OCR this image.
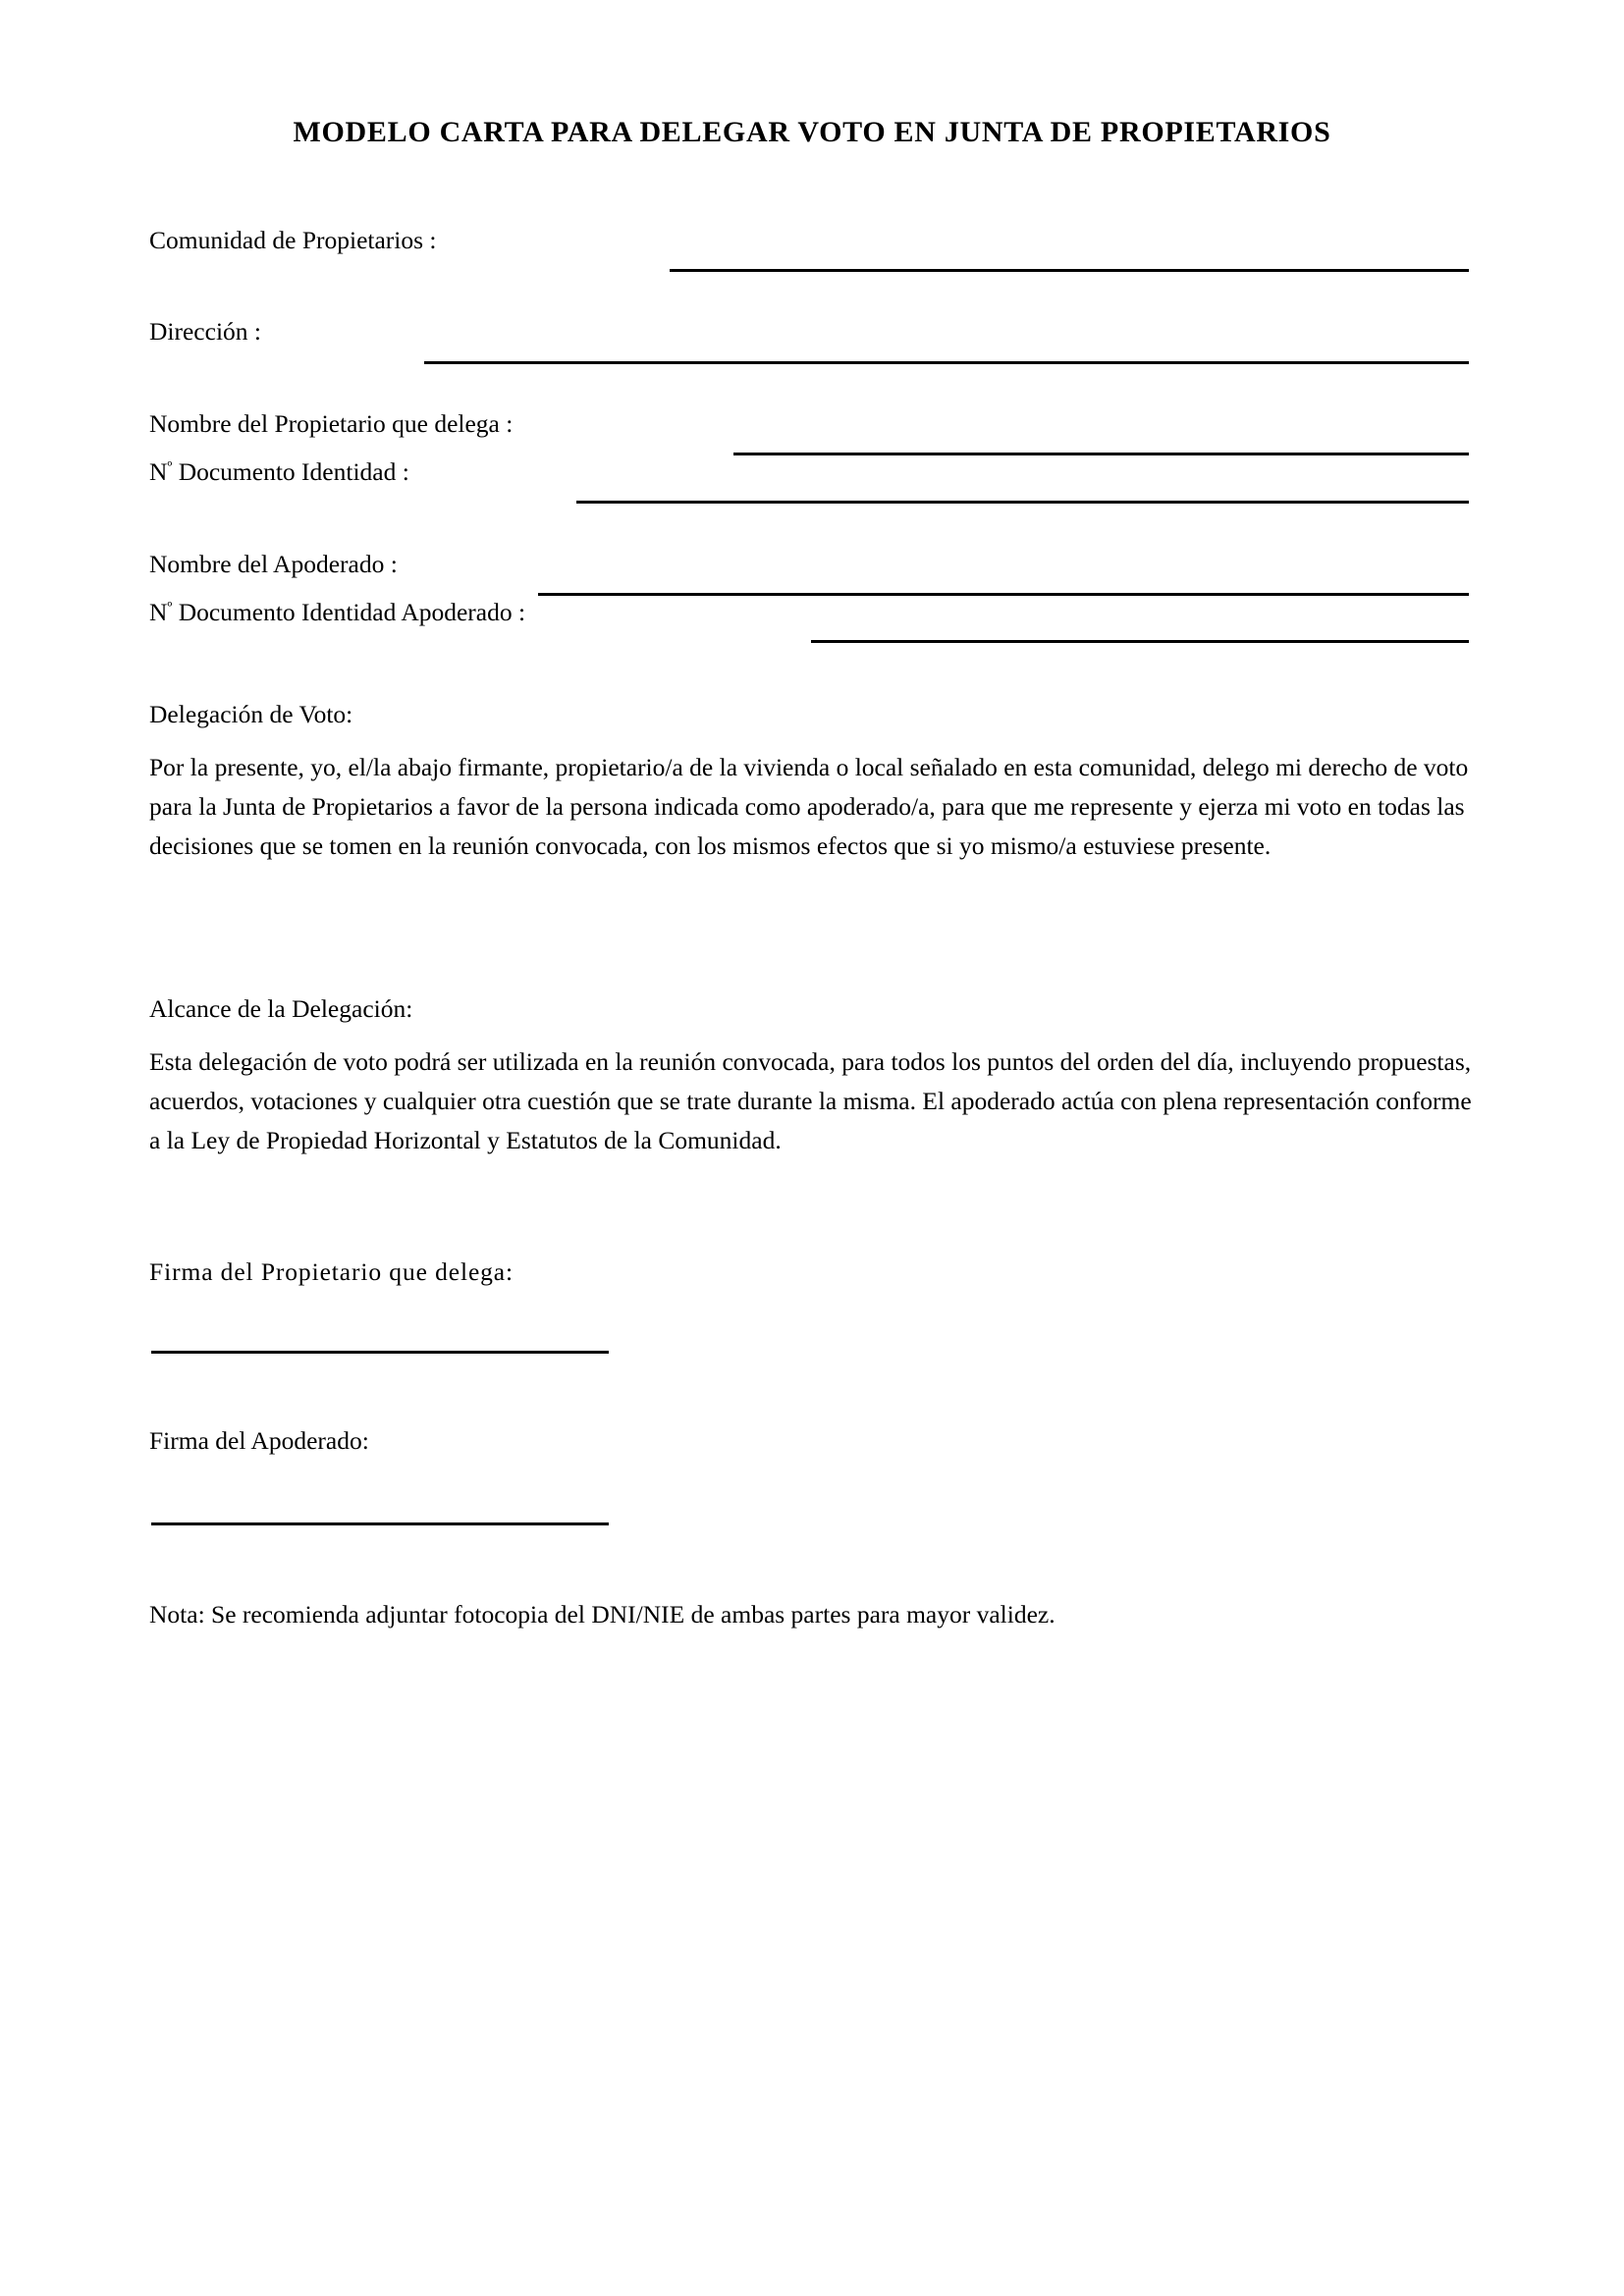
MODELO CARTA PARA DELEGAR VOTO EN JUNTA DE PROPIETARIOS
Comunidad de Propietarios :
Dirección :
Nombre del Propietario que delega :
$N^º$ Documento Identidad :
Nombre del Apoderado :
$N^º$ Documento Identidad Apoderado :
Delegación de Voto:

Por la presente, yo, el/la abajo firmante, propietario/a de la vivienda o local señalado en esta comunidad, delego mi derecho de voto para la Junta de Propietarios a favor de la persona indicada como apoderado/a, para que me represente y ejerza mi voto en todas las decisiones que se tomen en la reunión convocada, con los mismos efectos que si yo mismo/a estuviese presente.

Alcance de la Delegación:

Esta delegación de voto podrá ser utilizada en la reunión convocada, para todos los puntos del orden del día, incluyendo propuestas, acuerdos, votaciones y cualquier otra cuestión que se trate durante la misma. El apoderado actúa con plena representación conforme a la Ley de Propiedad Horizontal y Estatutos de la Comunidad.

Firma del Propietario que delega:
Firma del Apoderado:
Nota: Se recomienda adjuntar fotocopia del DNI/NIE de ambas partes para mayor validez.
